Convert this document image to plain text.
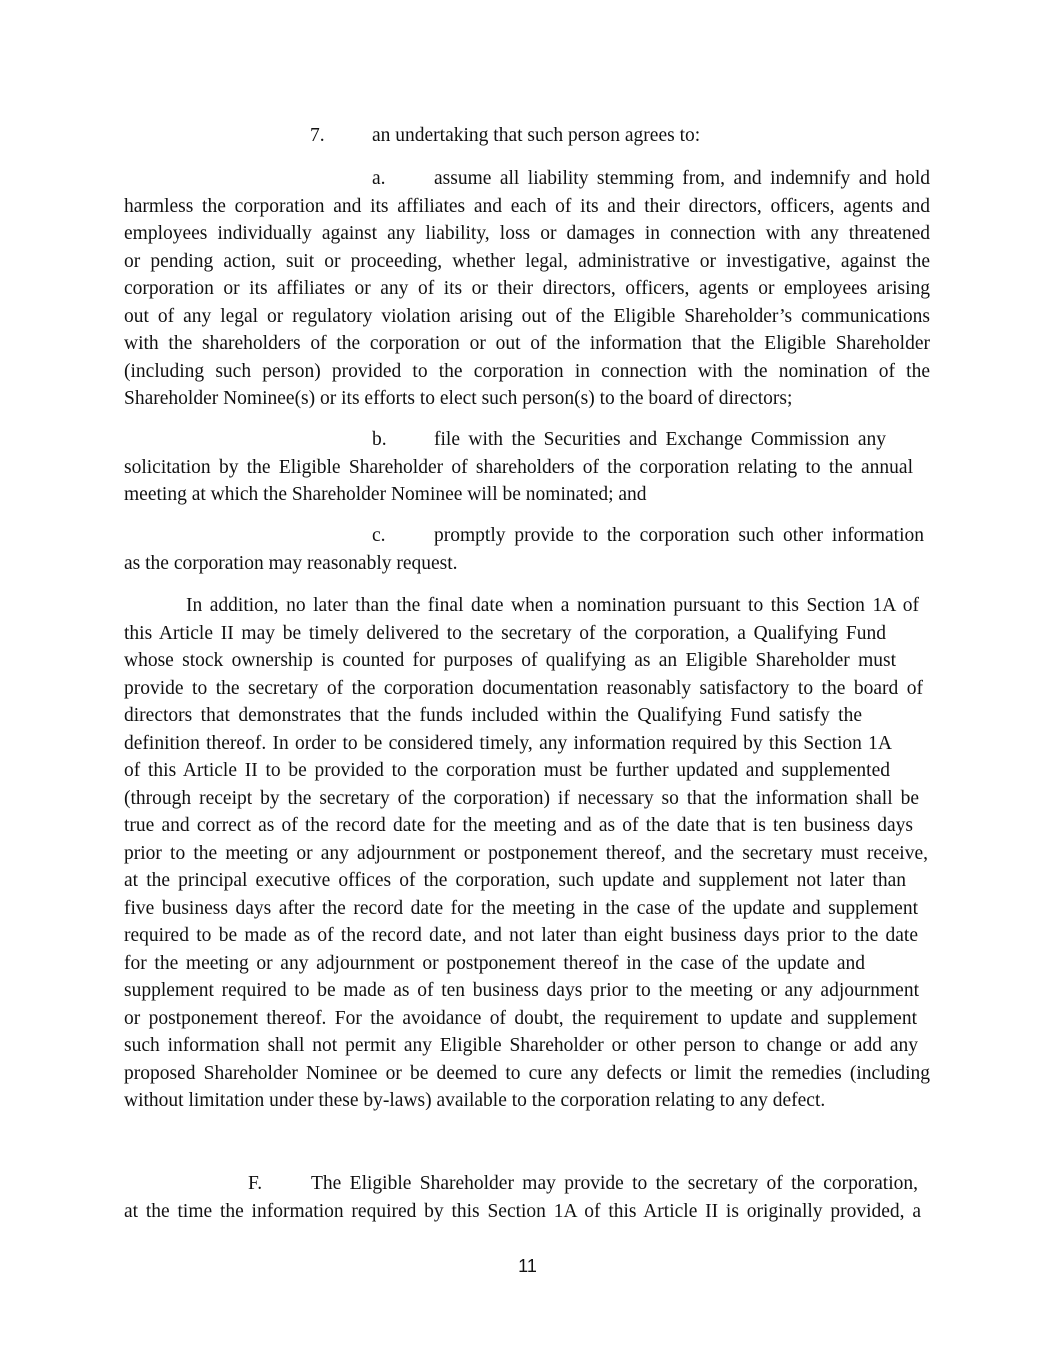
7. an undertaking that such person agrees to:
a. assume all liability stemming from, and indemnify and hold
harmless the corporation and its affiliates and each of its and their directors, officers, agents and
employees individually against any liability, loss or damages in connection with any threatened
or pending action, suit or proceeding, whether legal, administrative or investigative, against the
corporation or its affiliates or any of its or their directors, officers, agents or employees arising
out of any legal or regulatory violation arising out of the Eligible Shareholder’s communications
with the shareholders of the corporation or out of the information that the Eligible Shareholder
(including such person) provided to the corporation in connection with the nomination of the
Shareholder Nominee(s) or its efforts to elect such person(s) to the board of directors;
b. file with the Securities and Exchange Commission any
solicitation by the Eligible Shareholder of shareholders of the corporation relating to the annual
meeting at which the Shareholder Nominee will be nominated; and
c. promptly provide to the corporation such other information
as the corporation may reasonably request.
In addition, no later than the final date when a nomination pursuant to this Section 1A of
this Article II may be timely delivered to the secretary of the corporation, a Qualifying Fund
whose stock ownership is counted for purposes of qualifying as an Eligible Shareholder must
provide to the secretary of the corporation documentation reasonably satisfactory to the board of
directors that demonstrates that the funds included within the Qualifying Fund satisfy the
definition thereof. In order to be considered timely, any information required by this Section 1A
of this Article II to be provided to the corporation must be further updated and supplemented
(through receipt by the secretary of the corporation) if necessary so that the information shall be
true and correct as of the record date for the meeting and as of the date that is ten business days
prior to the meeting or any adjournment or postponement thereof, and the secretary must receive,
at the principal executive offices of the corporation, such update and supplement not later than
five business days after the record date for the meeting in the case of the update and supplement
required to be made as of the record date, and not later than eight business days prior to the date
for the meeting or any adjournment or postponement thereof in the case of the update and
supplement required to be made as of ten business days prior to the meeting or any adjournment
or postponement thereof. For the avoidance of doubt, the requirement to update and supplement
such information shall not permit any Eligible Shareholder or other person to change or add any
proposed Shareholder Nominee or be deemed to cure any defects or limit the remedies (including
without limitation under these by-laws) available to the corporation relating to any defect.
F.	The Eligible Shareholder may provide to the secretary of the corporation,
at the time the information required by this Section 1A of this Article II is originally provided, a
11
